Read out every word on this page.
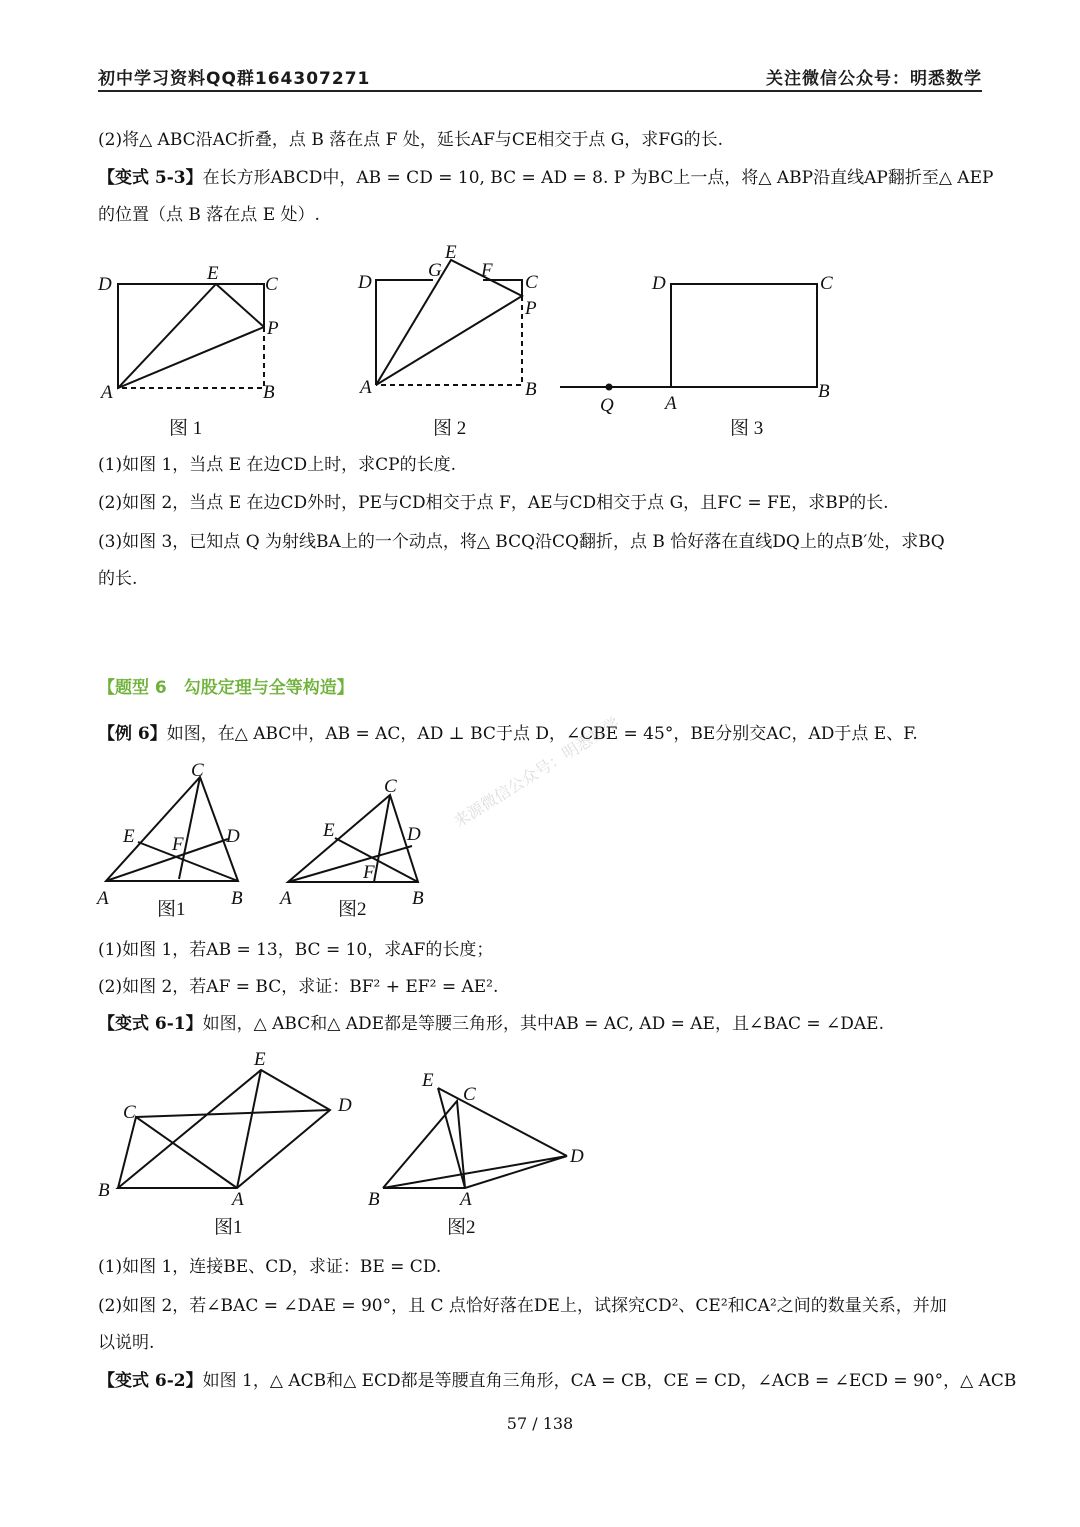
初中学习资料QQ群164307271	关注微信公众号：明悉数学
(2)将△ ABC沿AC折叠，点 B 落在点 F 处，延长AF与CE相交于点 G，求FG的长.
【变式 5-3】在长方形ABCD中，AB = CD = 10, BC = AD = 8. P 为BC上一点，将△ ABP沿直线AP翻折至△ AEP
的位置（点 B 落在点 E 处）.
D
E
C
P
A	B
图 1
D
E
G F
C
P
A	B
图 2
D	C
Q	A
B
图 3
(1)如图 1，当点 E 在边CD上时，求CP的长度.
(2)如图 2，当点 E 在边CD外时，PE与CD相交于点 F，AE与CD相交于点 G，且FC = FE，求BP的长.
(3)如图 3，已知点 Q 为射线BA上的一个动点，将△ BCQ沿CQ翻折，点 B 恰好落在直线DQ上的点B′处，求BQ
的长.
【题型 6　勾股定理与全等构造】
【例 6】如图，在△ ABC中，AB = AC，AD ⊥ BC于点 D，∠CBE = 45°，BE分别交AC，AD于点 E、F.
来源微信公众号：明悉数学
C
E F D
A	B
图1
C
E
F
D
A	B
图2
(1)如图 1，若AB = 13，BC = 10，求AF的长度；
(2)如图 2，若AF = BC，求证：BF² + EF² = AE².
【变式 6-1】如图，△ ABC和△ ADE都是等腰三角形，其中AB = AC, AD = AE，且∠BAC = ∠DAE.
E
C	D
B	A
图1
E
C
D
B	A
图2
(1)如图 1，连接BE、CD，求证：BE = CD.
(2)如图 2，若∠BAC = ∠DAE = 90°，且 C 点恰好落在DE上，试探究CD²、CE²和CA²之间的数量关系，并加
以说明.
【变式 6-2】如图 1，△ ACB和△ ECD都是等腰直角三角形，CA = CB，CE = CD，∠ACB = ∠ECD = 90°，△ ACB
57 / 138
